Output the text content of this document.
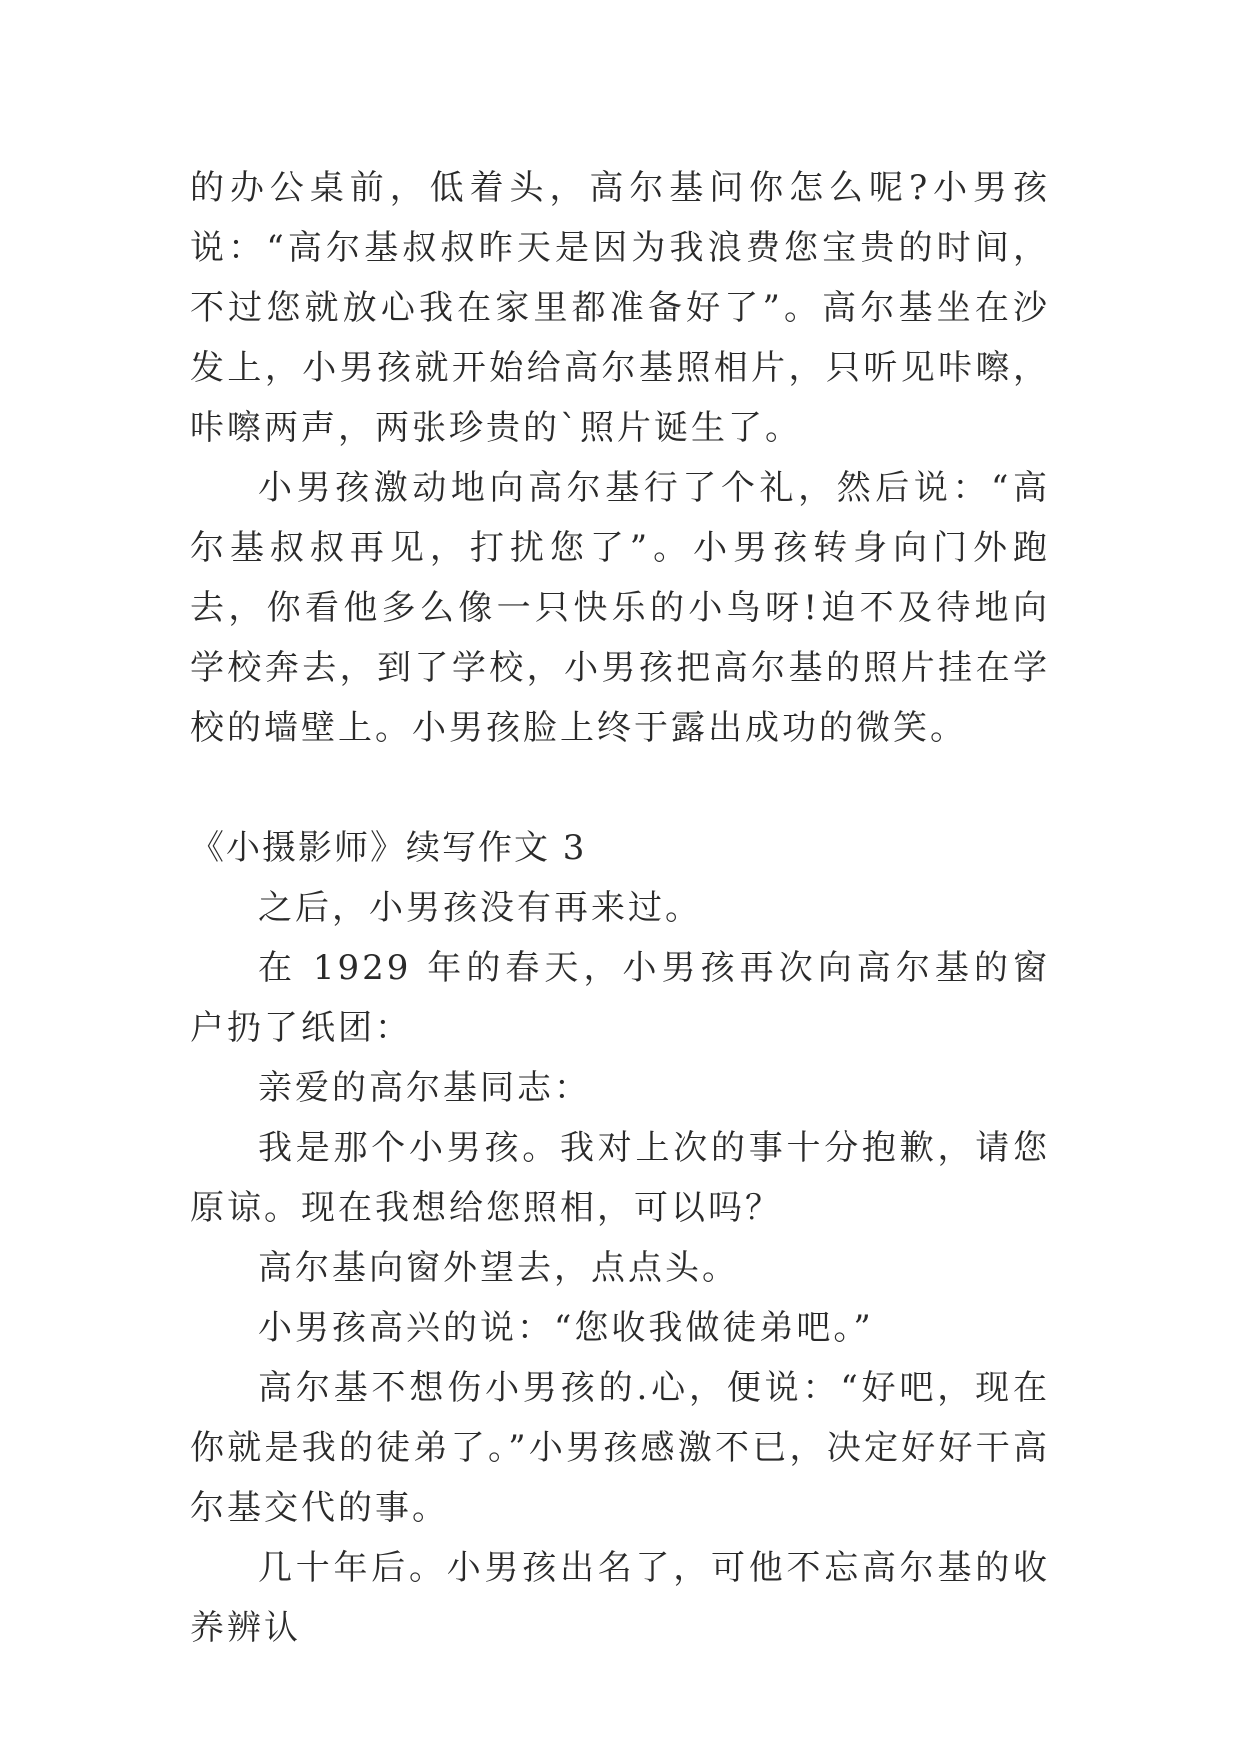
的办公桌前，低着头，高尔基问你怎么呢?小男孩说：“高尔基叔叔昨天是因为我浪费您宝贵的时间，不过您就放心我在家里都准备好了”。高尔基坐在沙发上，小男孩就开始给高尔基照相片，只听见咔嚓，咔嚓两声，两张珍贵的`照片诞生了。

小男孩激动地向高尔基行了个礼，然后说：“高尔基叔叔再见，打扰您了”。小男孩转身向门外跑去，你看他多么像一只快乐的小鸟呀!迫不及待地向学校奔去，到了学校，小男孩把高尔基的照片挂在学校的墙壁上。小男孩脸上终于露出成功的微笑。

《小摄影师》续写作文 3

之后，小男孩没有再来过。

在 1929 年的春天，小男孩再次向高尔基的窗户扔了纸团：

亲爱的高尔基同志：

我是那个小男孩。我对上次的事十分抱歉，请您原谅。现在我想给您照相，可以吗？

高尔基向窗外望去，点点头。

小男孩高兴的说：“您收我做徒弟吧。”

高尔基不想伤小男孩的.心，便说：“好吧，现在你就是我的徒弟了。”小男孩感激不已，决定好好干高尔基交代的事。

几十年后。小男孩出名了，可他不忘高尔基的收养辨认
